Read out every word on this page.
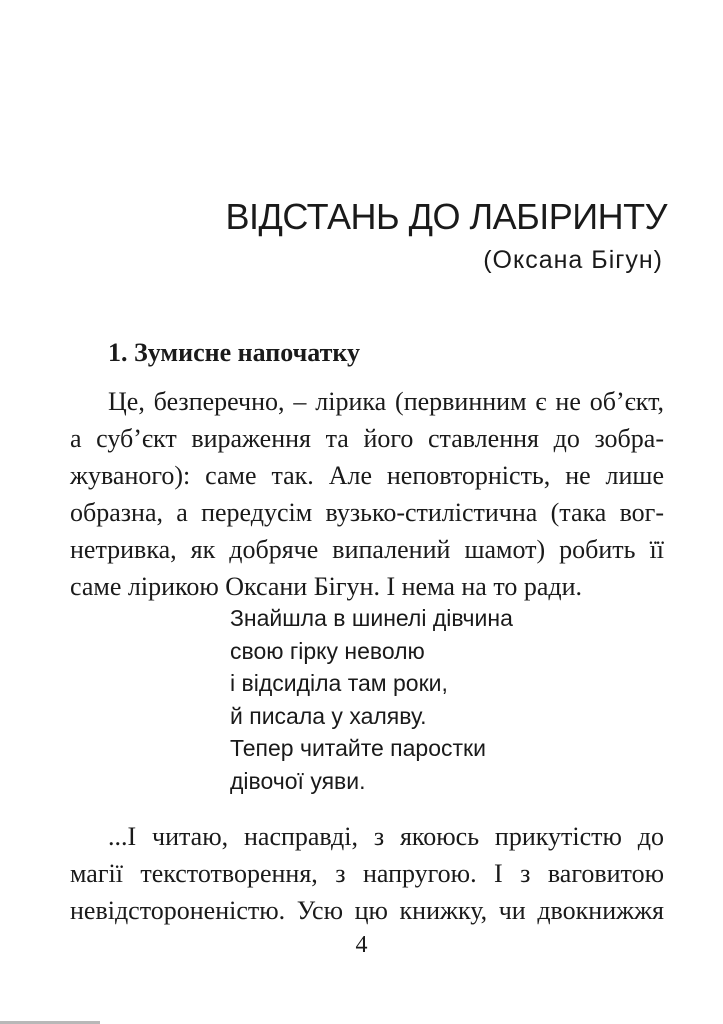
ВІДСТАНЬ ДО ЛАБІРИНТУ
(Оксана Бігун)
1. Зумисне напочатку
Це, безперечно, – лірика (первинним є не об’єкт,
а суб’єкт вираження та його ставлення до зобра-
жуваного): саме так. Але неповторність, не лише
образна, а передусім вузько-стилістична (така вог-
нетривка, як добряче випалений шамот) робить її
саме лірикою Оксани Бігун. І нема на то ради.
Знайшла в шинелі дівчина
свою гірку неволю
і відсиділа там роки,
й писала у халяву.
Тепер читайте паростки
дівочої уяви.
...І читаю, насправді, з якоюсь прикутістю до
магії текстотворення, з напругою. І з ваговитою
невідстороненістю. Усю цю книжку, чи двокнижжя
4
